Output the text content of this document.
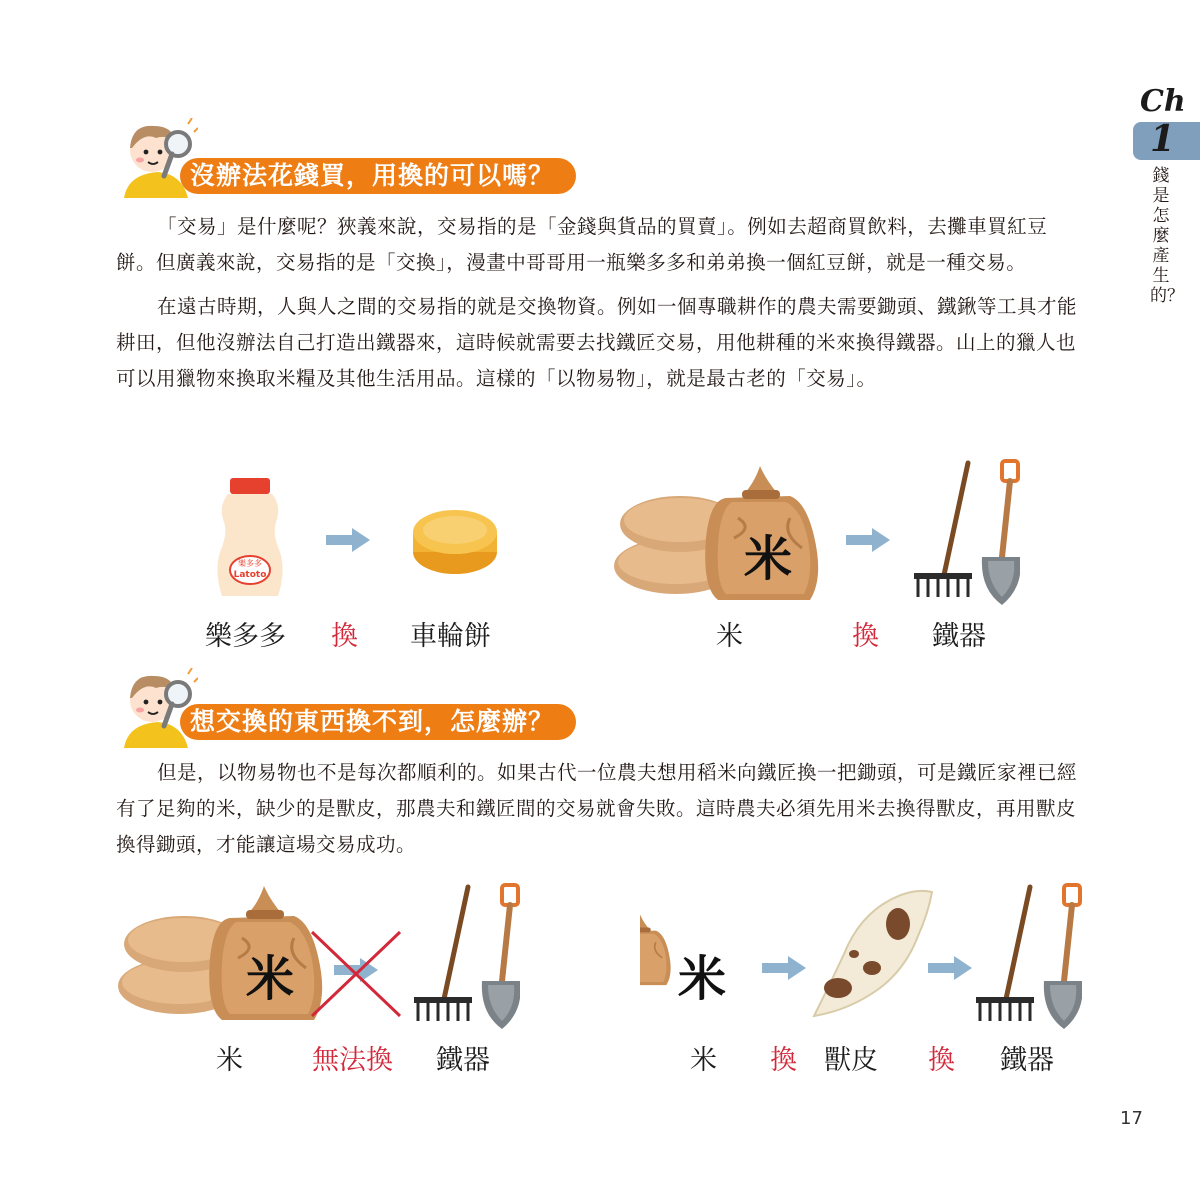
Ch
1
錢是怎麼產生的？
沒辦法花錢買，用換的可以嗎？

「交易」是什麼呢？狹義來說，交易指的是「金錢與貨品的買賣」。例如去超商買飲料，去攤車買紅豆餅。但廣義來說，交易指的是「交換」，漫畫中哥哥用一瓶樂多多和弟弟換一個紅豆餅，就是一種交易。

在遠古時期，人與人之間的交易指的就是交換物資。例如一個專職耕作的農夫需要鋤頭、鐵鍬等工具才能耕田，但他沒辦法自己打造出鐵器來，這時候就需要去找鐵匠交易，用他耕種的米來換得鐵器。山上的獵人也可以用獵物來換取米糧及其他生活用品。這樣的「以物易物」，就是最古老的「交易」。

樂多多
Latoto	米
樂多多 換 車輪餅	米	換 鐵器
想交換的東西換不到，怎麼辦？

但是，以物易物也不是每次都順利的。如果古代一位農夫想用稻米向鐵匠換一把鋤頭，可是鐵匠家裡已經有了足夠的米，缺少的是獸皮，那農夫和鐵匠間的交易就會失敗。這時農夫必須先用米去換得獸皮，再用獸皮換得鋤頭，才能讓這場交易成功。

米	米
米	無法換 鐵器	米 換 獸皮 換 鐵器
17
